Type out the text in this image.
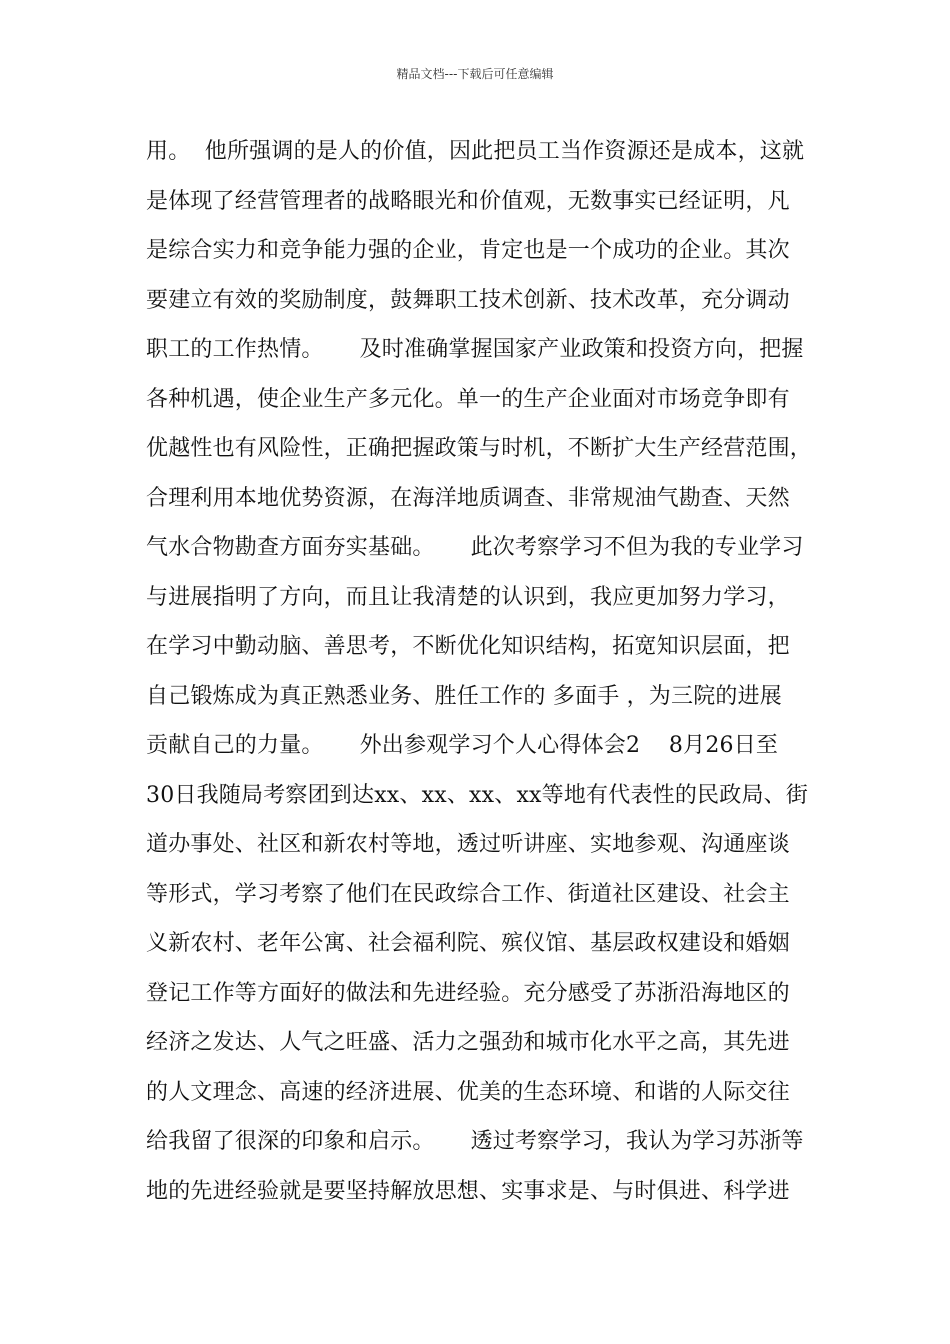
精品文档---下载后可任意编辑
用。  他所强调的是人的价值，因此把员工当作资源还是成本，这就
是体现了经营管理者的战略眼光和价值观，无数事实已经证明，凡
是综合实力和竞争能力强的企业，肯定也是一个成功的企业。其次
要建立有效的奖励制度，鼓舞职工技术创新、技术改革，充分调动
职工的工作热情。     及时准确掌握国家产业政策和投资方向，把握
各种机遇，使企业生产多元化。单一的生产企业面对市场竞争即有
优越性也有风险性，正确把握政策与时机，不断扩大生产经营范围，
合理利用本地优势资源，在海洋地质调查、非常规油气勘查、天然
气水合物勘查方面夯实基础。     此次考察学习不但为我的专业学习
与进展指明了方向，而且让我清楚的认识到，我应更加努力学习，
在学习中勤动脑、善思考，不断优化知识结构，拓宽知识层面，把
自己锻炼成为真正熟悉业务、胜任工作的 多面手 ，为三院的进展
贡献自己的力量。     外出参观学习个人心得体会2    8月26日至
30日我随局考察团到达xx、xx、xx、xx等地有代表性的民政局、街
道办事处、社区和新农村等地，透过听讲座、实地参观、沟通座谈
等形式，学习考察了他们在民政综合工作、街道社区建设、社会主
义新农村、老年公寓、社会福利院、殡仪馆、基层政权建设和婚姻
登记工作等方面好的做法和先进经验。充分感受了苏浙沿海地区的
经济之发达、人气之旺盛、活力之强劲和城市化水平之高，其先进
的人文理念、高速的经济进展、优美的生态环境、和谐的人际交往
给我留了很深的印象和启示。     透过考察学习，我认为学习苏浙等
地的先进经验就是要坚持解放思想、实事求是、与时俱进、科学进
